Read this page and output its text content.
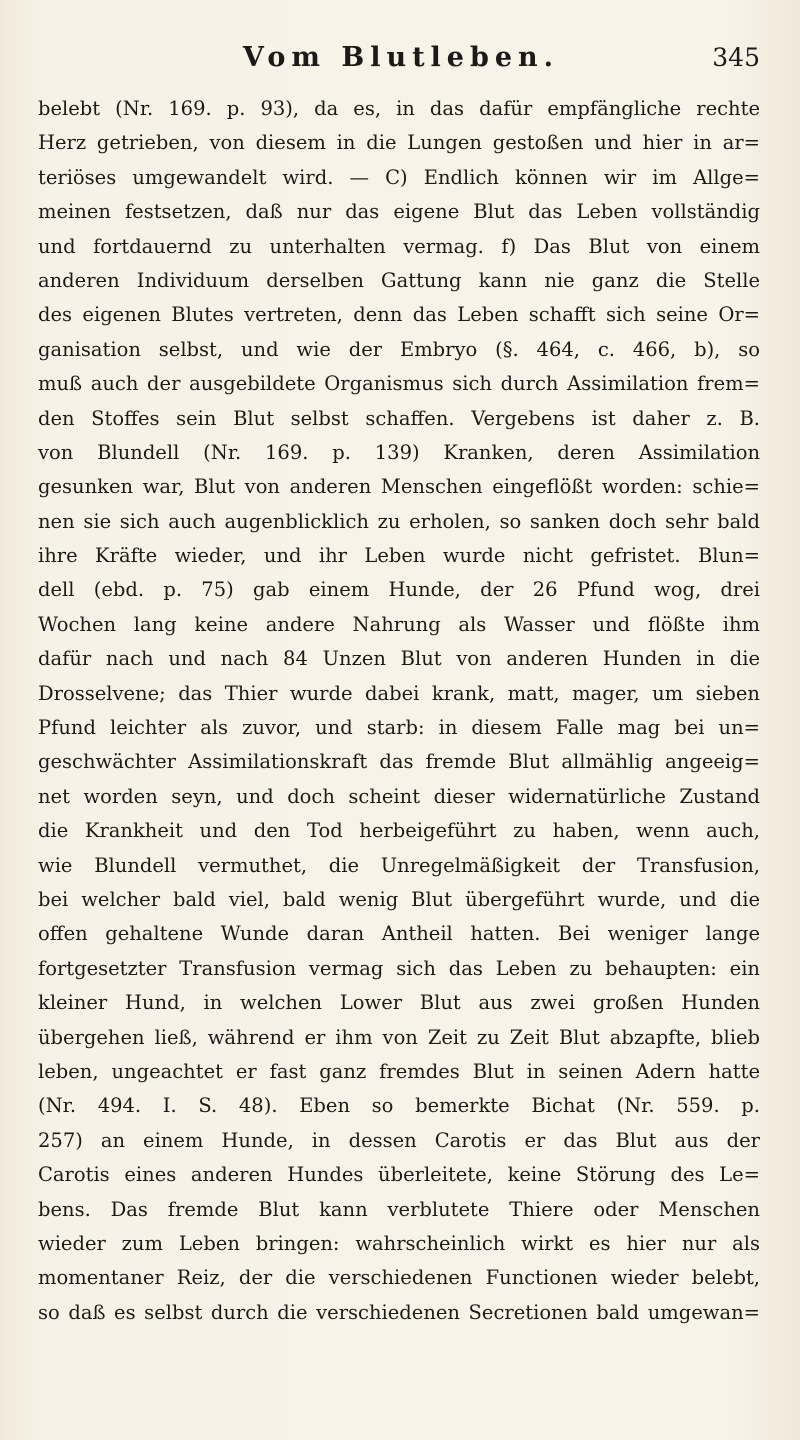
Vom Blutleben.	345
belebt (Nr. 169. p. 93), da es, in das dafür empfängliche rechte
Herz getrieben, von diesem in die Lungen gestoßen und hier in ar=
teriöses umgewandelt wird. — C) Endlich können wir im Allge=
meinen festsetzen, daß nur das eigene Blut das Leben vollständig
und fortdauernd zu unterhalten vermag. f) Das Blut von einem
anderen Individuum derselben Gattung kann nie ganz die Stelle
des eigenen Blutes vertreten, denn das Leben schafft sich seine Or=
ganisation selbst, und wie der Embryo (§. 464, c. 466, b), so
muß auch der ausgebildete Organismus sich durch Assimilation frem=
den Stoffes sein Blut selbst schaffen. Vergebens ist daher z. B.
von Blundell (Nr. 169. p. 139) Kranken, deren Assimilation
gesunken war, Blut von anderen Menschen eingeflößt worden: schie=
nen sie sich auch augenblicklich zu erholen, so sanken doch sehr bald
ihre Kräfte wieder, und ihr Leben wurde nicht gefristet. Blun=
dell (ebd. p. 75) gab einem Hunde, der 26 Pfund wog, drei
Wochen lang keine andere Nahrung als Wasser und flößte ihm
dafür nach und nach 84 Unzen Blut von anderen Hunden in die
Drosselvene; das Thier wurde dabei krank, matt, mager, um sieben
Pfund leichter als zuvor, und starb: in diesem Falle mag bei un=
geschwächter Assimilationskraft das fremde Blut allmählig angeeig=
net worden seyn, und doch scheint dieser widernatürliche Zustand
die Krankheit und den Tod herbeigeführt zu haben, wenn auch,
wie Blundell vermuthet, die Unregelmäßigkeit der Transfusion,
bei welcher bald viel, bald wenig Blut übergeführt wurde, und die
offen gehaltene Wunde daran Antheil hatten. Bei weniger lange
fortgesetzter Transfusion vermag sich das Leben zu behaupten: ein
kleiner Hund, in welchen Lower Blut aus zwei großen Hunden
übergehen ließ, während er ihm von Zeit zu Zeit Blut abzapfte, blieb
leben, ungeachtet er fast ganz fremdes Blut in seinen Adern hatte
(Nr. 494. I. S. 48). Eben so bemerkte Bichat (Nr. 559. p.
257) an einem Hunde, in dessen Carotis er das Blut aus der
Carotis eines anderen Hundes überleitete, keine Störung des Le=
bens. Das fremde Blut kann verblutete Thiere oder Menschen
wieder zum Leben bringen: wahrscheinlich wirkt es hier nur als
momentaner Reiz, der die verschiedenen Functionen wieder belebt,
so daß es selbst durch die verschiedenen Secretionen bald umgewan=
